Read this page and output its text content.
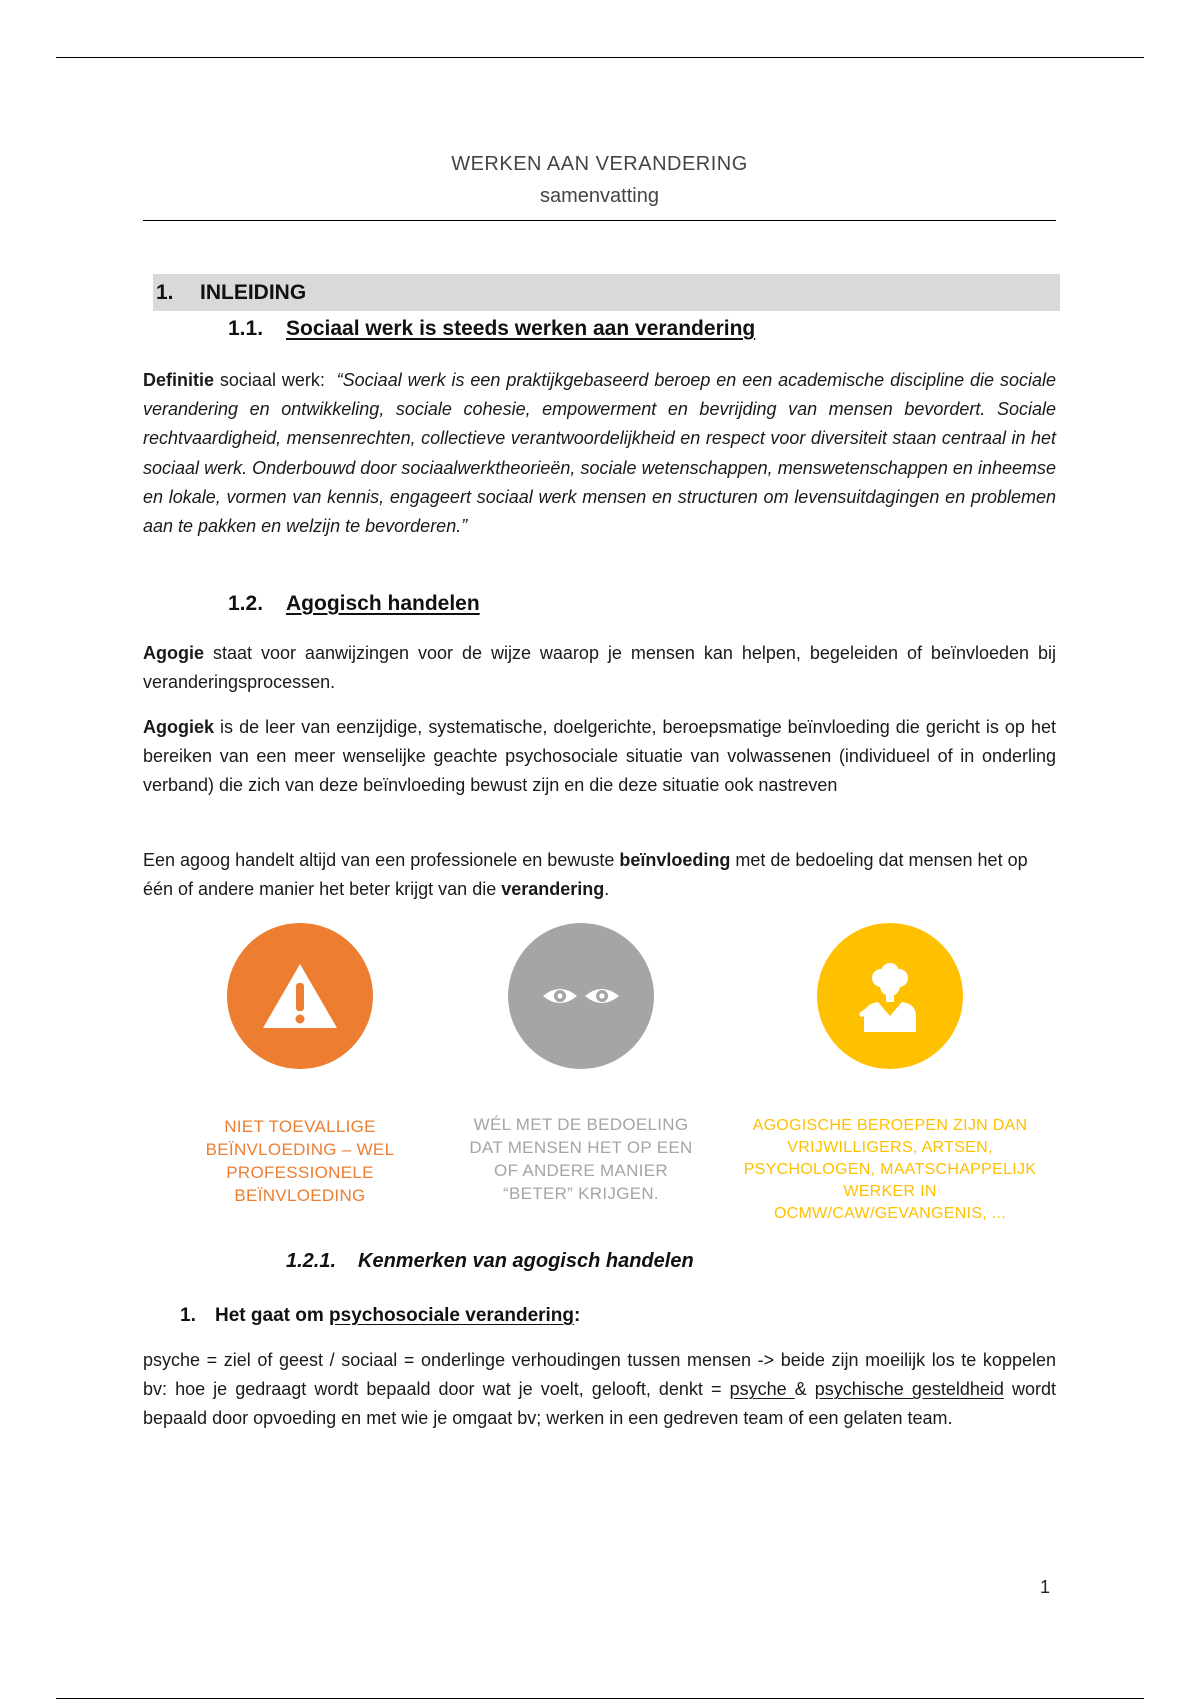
WERKEN AAN VERANDERING
samenvatting
1.	INLEIDING
1.1.	Sociaal werk is steeds werken aan verandering
Definitie sociaal werk:  “Sociaal werk is een praktijkgebaseerd beroep en een academische discipline die sociale verandering en ontwikkeling, sociale cohesie, empowerment en bevrijding van mensen bevordert. Sociale rechtvaardigheid, mensenrechten, collectieve verantwoordelijkheid en respect voor diversiteit staan centraal in het sociaal werk. Onderbouwd door sociaalwerktheorieën, sociale wetenschappen, menswetenschappen en inheemse en lokale, vormen van kennis, engageert sociaal werk mensen en structuren om levensuitdagingen en problemen aan te pakken en welzijn te bevorderen.”
1.2.	Agogisch handelen
Agogie staat voor aanwijzingen voor de wijze waarop je mensen kan helpen, begeleiden of beïnvloeden bij veranderingsprocessen.
Agogiek is de leer van eenzijdige, systematische, doelgerichte, beroepsmatige beïnvloeding die gericht is op het bereiken van een meer wenselijke geachte psychosociale situatie van volwassenen (individueel of in onderling verband) die zich van deze beïnvloeding bewust zijn en die deze situatie ook nastreven
Een agoog handelt altijd van een professionele en bewuste beïnvloeding met de bedoeling dat mensen het op één of andere manier het beter krijgt van die verandering.
NIET TOEVALLIGE
BEÏNVLOEDING – WEL
PROFESSIONELE
BEÏNVLOEDING
WÉL MET DE BEDOELING
DAT MENSEN HET OP EEN
OF ANDERE MANIER
“BETER” KRIJGEN.
AGOGISCHE BEROEPEN ZIJN DAN
VRIJWILLIGERS, ARTSEN,
PSYCHOLOGEN, MAATSCHAPPELIJK
WERKER IN
OCMW/CAW/GEVANGENIS, ...
1.2.1.	Kenmerken van agogisch handelen
1.	Het gaat om psychosociale verandering:
psyche = ziel of geest / sociaal = onderlinge verhoudingen tussen mensen -> beide zijn moeilijk los te koppelen bv: hoe je gedraagt wordt bepaald door wat je voelt, gelooft, denkt = psyche & psychische gesteldheid wordt bepaald door opvoeding en met wie je omgaat bv; werken in een gedreven team of een gelaten team.
1
